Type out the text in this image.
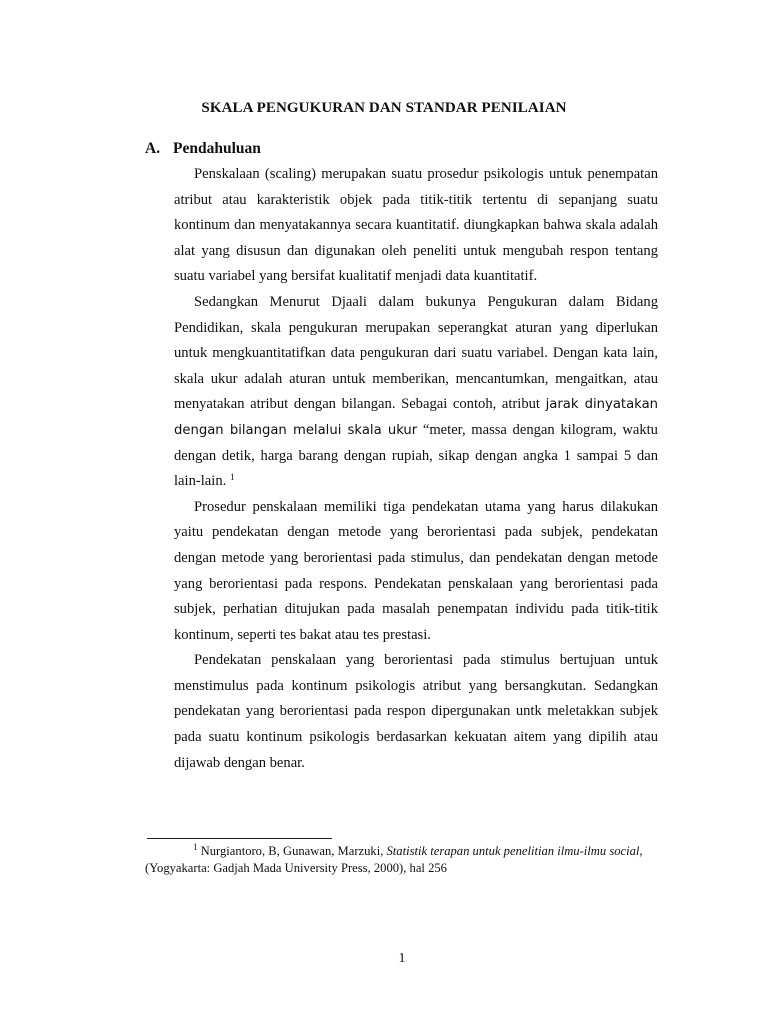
SKALA PENGUKURAN DAN STANDAR PENILAIAN
A. Pendahuluan

Penskalaan (scaling) merupakan suatu prosedur psikologis untuk penempatan atribut atau karakteristik objek pada titik-titik tertentu di sepanjang suatu kontinum dan menyatakannya secara kuantitatif. diungkapkan bahwa skala adalah alat yang disusun dan digunakan oleh peneliti untuk mengubah respon tentang suatu variabel yang bersifat kualitatif menjadi data kuantitatif.

Sedangkan Menurut Djaali dalam bukunya Pengukuran dalam Bidang Pendidikan, skala pengukuran merupakan seperangkat aturan yang diperlukan untuk mengkuantitatifkan data pengukuran dari suatu variabel. Dengan kata lain, skala ukur adalah aturan untuk memberikan, mencantumkan, mengaitkan, atau menyatakan atribut dengan bilangan. Sebagai contoh, atribut jarak dinyatakan dengan bilangan melalui skala ukur “meter, massa dengan kilogram, waktu dengan detik, harga barang dengan rupiah, sikap dengan angka 1 sampai 5 dan lain-lain. $^1$

Prosedur penskalaan memiliki tiga pendekatan utama yang harus dilakukan yaitu pendekatan dengan metode yang berorientasi pada subjek, pendekatan dengan metode yang berorientasi pada stimulus, dan pendekatan dengan metode yang berorientasi pada respons. Pendekatan penskalaan yang berorientasi pada subjek, perhatian ditujukan pada masalah penempatan individu pada titik-titik kontinum, seperti tes bakat atau tes prestasi.

Pendekatan penskalaan yang berorientasi pada stimulus bertujuan untuk menstimulus pada kontinum psikologis atribut yang bersangkutan. Sedangkan pendekatan yang berorientasi pada respon dipergunakan untk meletakkan subjek pada suatu kontinum psikologis berdasarkan kekuatan aitem yang dipilih atau dijawab dengan benar.

$^1$ Nurgiantoro, B, Gunawan, Marzuki, Statistik terapan untuk penelitian ilmu-ilmu social,
(Yogyakarta: Gadjah Mada University Press, 2000), hal 256
1
